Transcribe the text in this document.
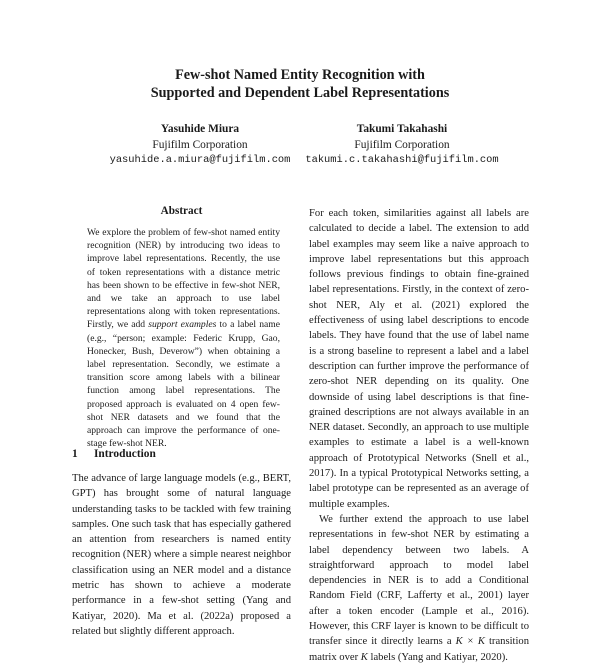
Few-shot Named Entity Recognition with
Supported and Dependent Label Representations
Yasuhide Miura
Fujifilm Corporation
yasuhide.a.miura@fujifilm.com
Takumi Takahashi
Fujifilm Corporation
takumi.c.takahashi@fujifilm.com
Abstract

We explore the problem of few-shot named entity recognition (NER) by introducing two ideas to improve label representations. Recently, the use of token representations with a distance metric has been shown to be effective in few-shot NER, and we take an approach to use label representations along with token representations. Firstly, we add support examples to a label name (e.g., “person; example: Federic Krupp, Gao, Honecker, Bush, Deverow”) when obtaining a label representation. Secondly, we estimate a transition score among labels with a bilinear function among label representations. The proposed approach is evaluated on 4 open few-shot NER datasets and we found that the approach can improve the performance of one-stage few-shot NER.

1 Introduction

The advance of large language models (e.g., BERT, GPT) has brought some of natural language understanding tasks to be tackled with few training samples. One such task that has especially gathered an attention from researchers is named entity recognition (NER) where a simple nearest neighbor classification using an NER model and a distance metric has shown to achieve a moderate performance in a few-shot setting (Yang and Katiyar, 2020). Ma et al. (2022a) proposed a related but slightly different approach.

For each token, similarities against all labels are calculated to decide a label. The extension to add label examples may seem like a naive approach to improve label representations but this approach follows previous findings to obtain fine-grained label representations. Firstly, in the context of zero-shot NER, Aly et al. (2021) explored the effectiveness of using label descriptions to encode labels. They have found that the use of label name is a strong baseline to represent a label and a label description can further improve the performance of zero-shot NER depending on its quality. One downside of using label descriptions is that fine-grained descriptions are not always available in an NER dataset. Secondly, an approach to use multiple examples to estimate a label is a well-known approach of Prototypical Networks (Snell et al., 2017). In a typical Prototypical Networks setting, a label prototype can be represented as an average of multiple examples.

We further extend the approach to use label representations in few-shot NER by estimating a label dependency between two labels. A straightforward approach to model label dependencies in NER is to add a Conditional Random Field (CRF, Lafferty et al., 2001) layer after a token encoder (Lample et al., 2016). However, this CRF layer is known to be difficult to transfer since it directly learns a K × K transition matrix over K labels (Yang and Katiyar, 2020).
